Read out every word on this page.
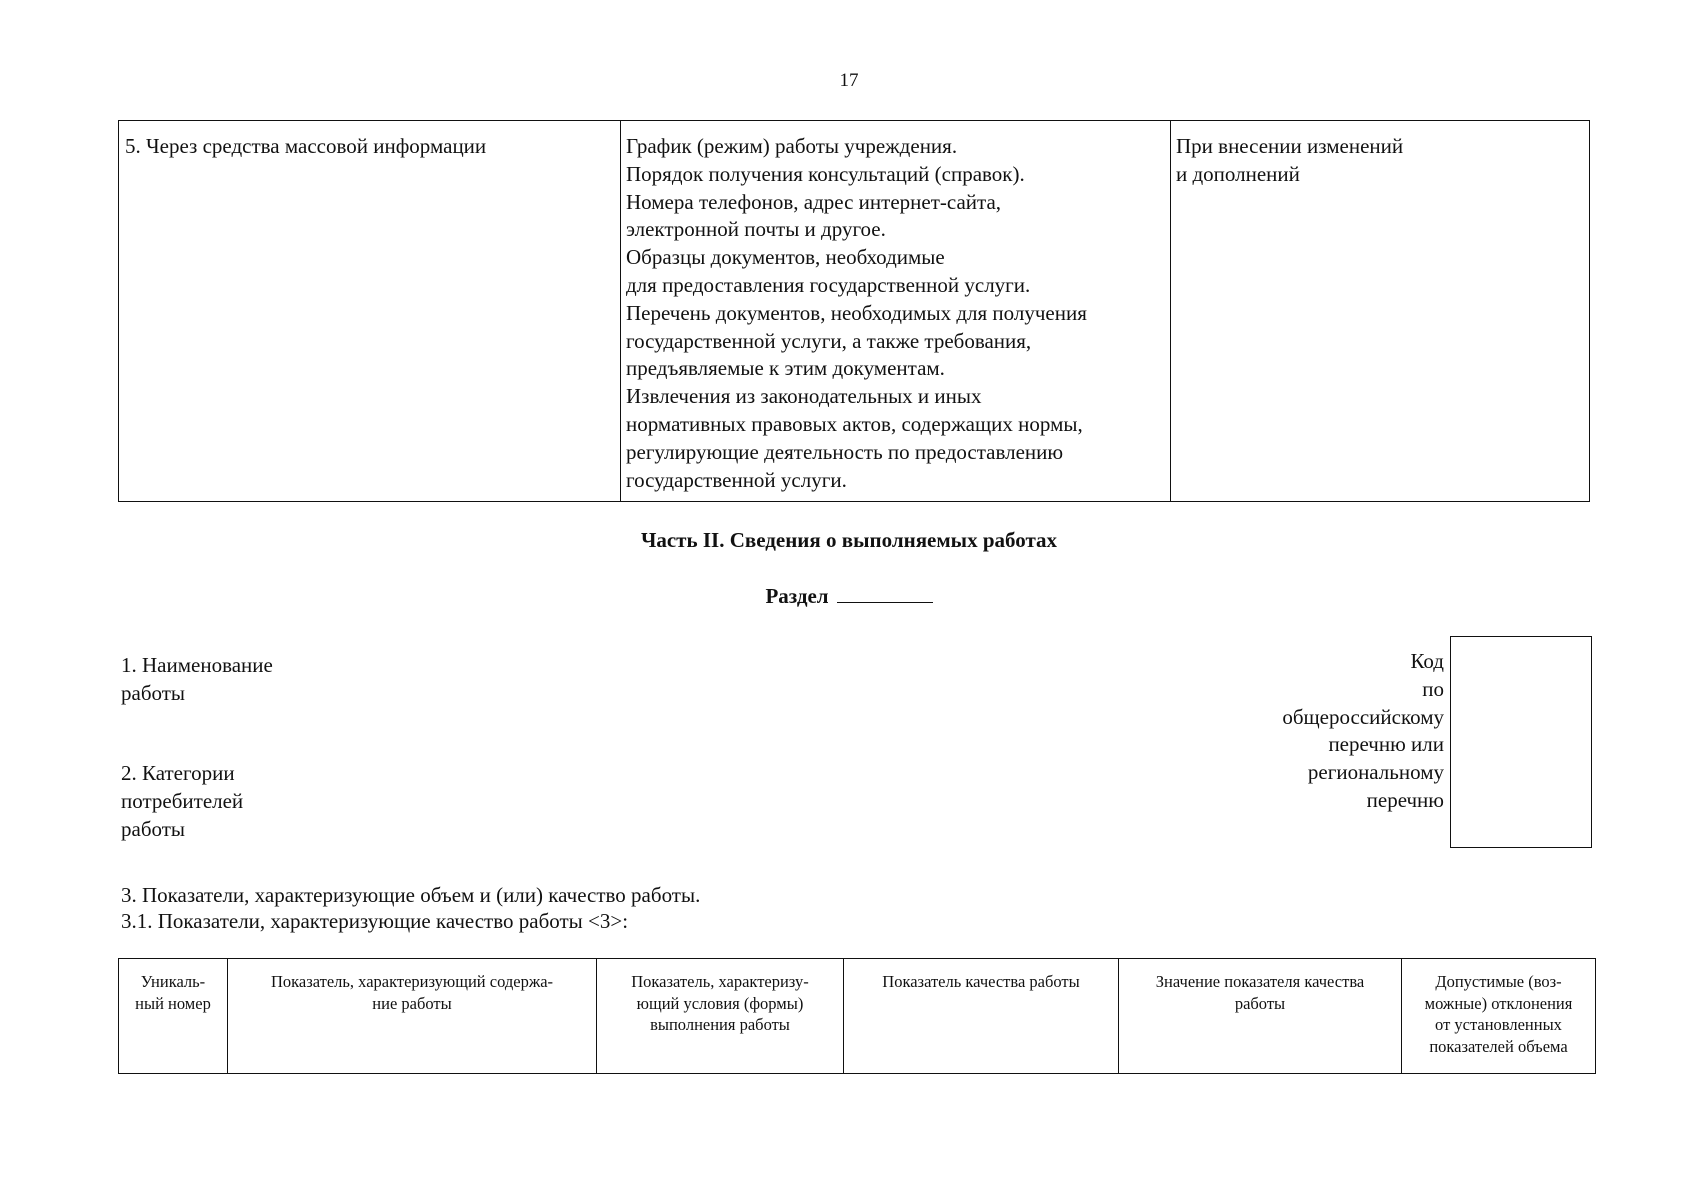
17
5. Через средства массовой информации	График (режим) работы учреждения.
Порядок получения консультаций (справок).
Номера телефонов, адрес интернет-сайта,
электронной почты и другое.
Образцы документов, необходимые
для предоставления государственной услуги.
Перечень документов, необходимых для получения
государственной услуги, а также требования,
предъявляемые к этим документам.
Извлечения из законодательных и иных
нормативных правовых актов, содержащих нормы,
регулирующие деятельность по предоставлению
государственной услуги.
При внесении изменений
и дополнений
Часть II. Сведения о выполняемых работах
Раздел
1. Наименование
работы
2. Категории
потребителей
работы
Код
по
общероссийскому
перечню или
региональному
перечню
3. Показатели, характеризующие объем и (или) качество работы.
3.1. Показатели, характеризующие качество работы <3>:
Уникаль-
ный номер
Показатель, характеризующий содержа-
ние работы
Показатель, характеризу-
ющий условия (формы)
выполнения работы
Показатель качества работы	Значение показателя качества
работы
Допустимые (воз-
можные) отклонения
от установленных
показателей объема
